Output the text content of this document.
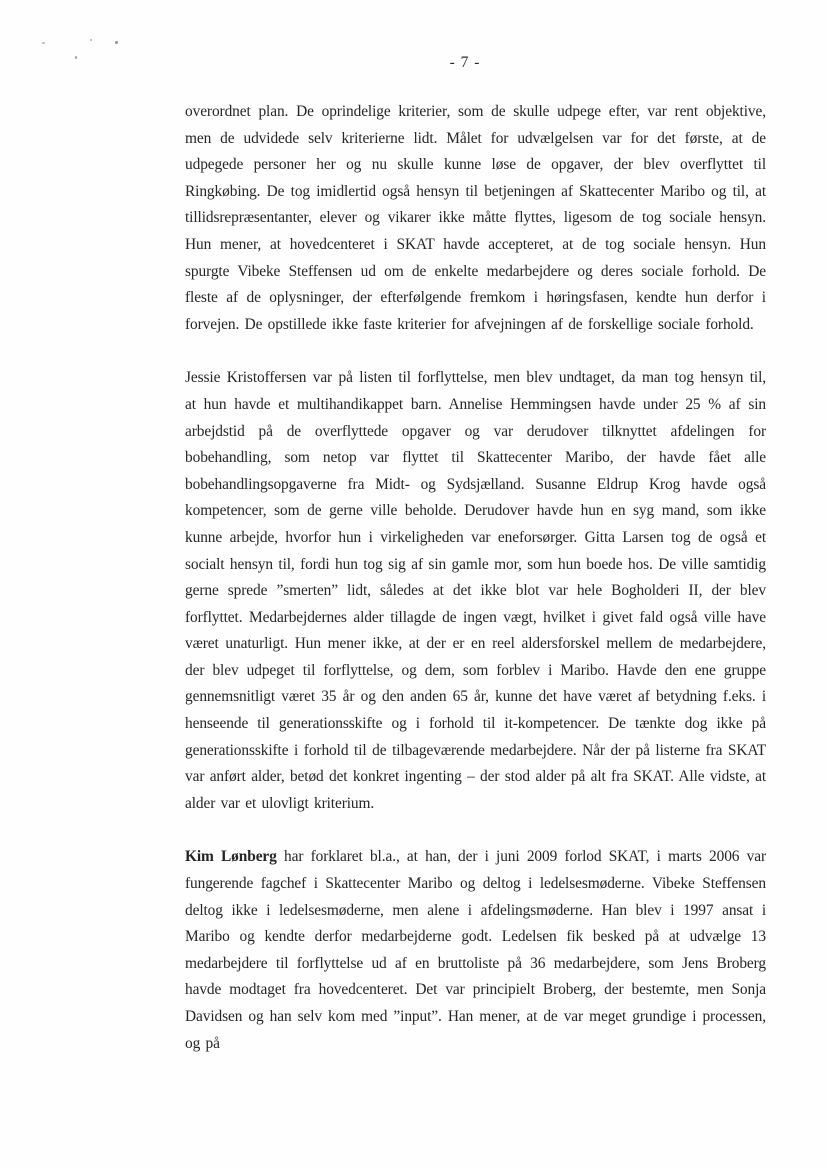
- 7 -

overordnet plan. De oprindelige kriterier, som de skulle udpege efter, var rent objektive, men de udvidede selv kriterierne lidt. Målet for udvælgelsen var for det første, at de udpegede personer her og nu skulle kunne løse de opgaver, der blev overflyttet til Ringkøbing. De tog imidlertid også hensyn til betjeningen af Skattecenter Maribo og til, at tillidsrepræsentanter, elever og vikarer ikke måtte flyttes, ligesom de tog sociale hensyn. Hun mener, at hovedcenteret i SKAT havde accepteret, at de tog sociale hensyn. Hun spurgte Vibeke Steffensen ud om de enkelte medarbejdere og deres sociale forhold. De fleste af de oplysninger, der efterfølgende fremkom i høringsfasen, kendte hun derfor i forvejen. De opstillede ikke faste kriterier for afvejningen af de forskellige sociale forhold.

Jessie Kristoffersen var på listen til forflyttelse, men blev undtaget, da man tog hensyn til, at hun havde et multihandikappet barn. Annelise Hemmingsen havde under 25 % af sin arbejdstid på de overflyttede opgaver og var derudover tilknyttet afdelingen for bobehandling, som netop var flyttet til Skattecenter Maribo, der havde fået alle bobehandlingsopgaverne fra Midt- og Sydsjælland. Susanne Eldrup Krog havde også kompetencer, som de gerne ville beholde. Derudover havde hun en syg mand, som ikke kunne arbejde, hvorfor hun i virkeligheden var eneforsørger. Gitta Larsen tog de også et socialt hensyn til, fordi hun tog sig af sin gamle mor, som hun boede hos. De ville samtidig gerne sprede ”smerten” lidt, således at det ikke blot var hele Bogholderi II, der blev forflyttet. Medarbejdernes alder tillagde de ingen vægt, hvilket i givet fald også ville have været unaturligt. Hun mener ikke, at der er en reel aldersforskel mellem de medarbejdere, der blev udpeget til forflyttelse, og dem, som forblev i Maribo. Havde den ene gruppe gennemsnitligt været 35 år og den anden 65 år, kunne det have været af betydning f.eks. i henseende til generationsskifte og i forhold til it-kompetencer. De tænkte dog ikke på generationsskifte i forhold til de tilbageværende medarbejdere. Når der på listerne fra SKAT var anført alder, betød det konkret ingenting – der stod alder på alt fra SKAT. Alle vidste, at alder var et ulovligt kriterium.

Kim Lønberg har forklaret bl.a., at han, der i juni 2009 forlod SKAT, i marts 2006 var fungerende fagchef i Skattecenter Maribo og deltog i ledelsesmøderne. Vibeke Steffensen deltog ikke i ledelsesmøderne, men alene i afdelingsmøderne. Han blev i 1997 ansat i Maribo og kendte derfor medarbejderne godt. Ledelsen fik besked på at udvælge 13 medarbejdere til forflyttelse ud af en bruttoliste på 36 medarbejdere, som Jens Broberg havde modtaget fra hovedcenteret. Det var principielt Broberg, der bestemte, men Sonja Davidsen og han selv kom med ”input”. Han mener, at de var meget grundige i processen, og på
